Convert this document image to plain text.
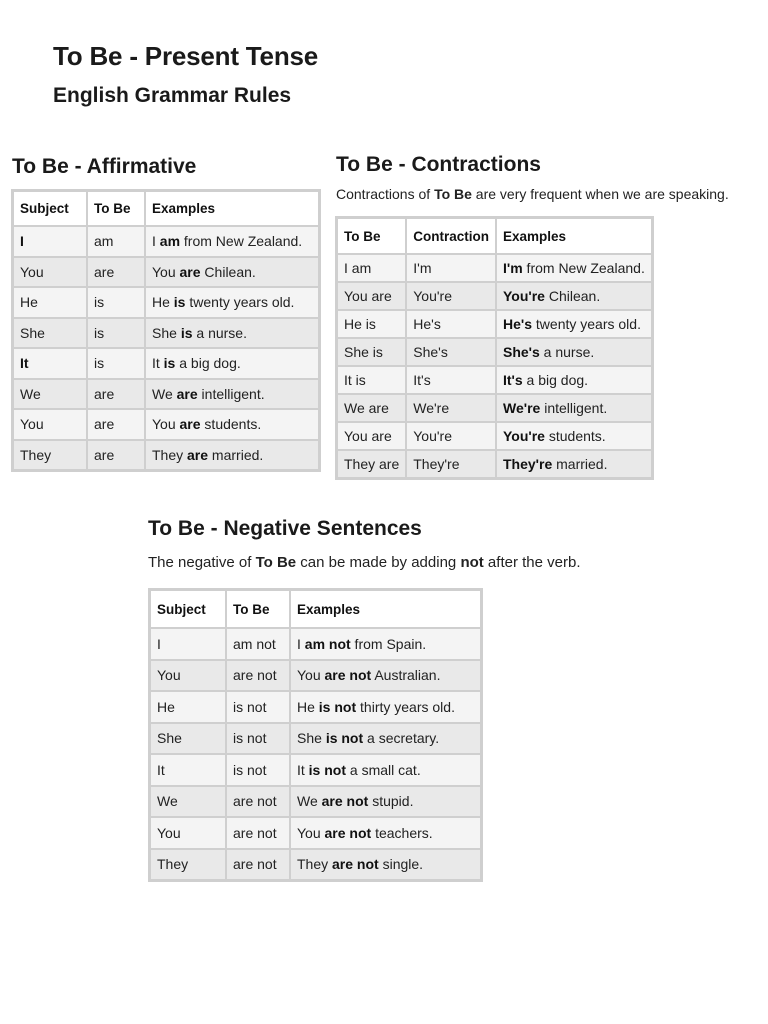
To Be - Present Tense
English Grammar Rules
To Be - Affirmative
Subject	To Be	Examples
I	am	I am from New Zealand.
You	are	You are Chilean.
He	is	He is twenty years old.
She	is	She is a nurse.
It	is	It is a big dog.
We	are	We are intelligent.
You	are	You are students.
They	are	They are married.
To Be - Contractions
Contractions of To Be are very frequent when we are speaking.
To Be	Contraction	Examples
I am	I'm	I'm from New Zealand.
You are	You're	You're Chilean.
He is	He's	He's twenty years old.
She is	She's	She's a nurse.
It is	It's	It's a big dog.
We are	We're	We're intelligent.
You are	You're	You're students.
They are	They're	They're married.
To Be - Negative Sentences
The negative of To Be can be made by adding not after the verb.
Subject	To Be	Examples
I	am not	I am not from Spain.
You	are not	You are not Australian.
He	is not	He is not thirty years old.
She	is not	She is not a secretary.
It	is not	It is not a small cat.
We	are not	We are not stupid.
You	are not	You are not teachers.
They	are not	They are not single.
